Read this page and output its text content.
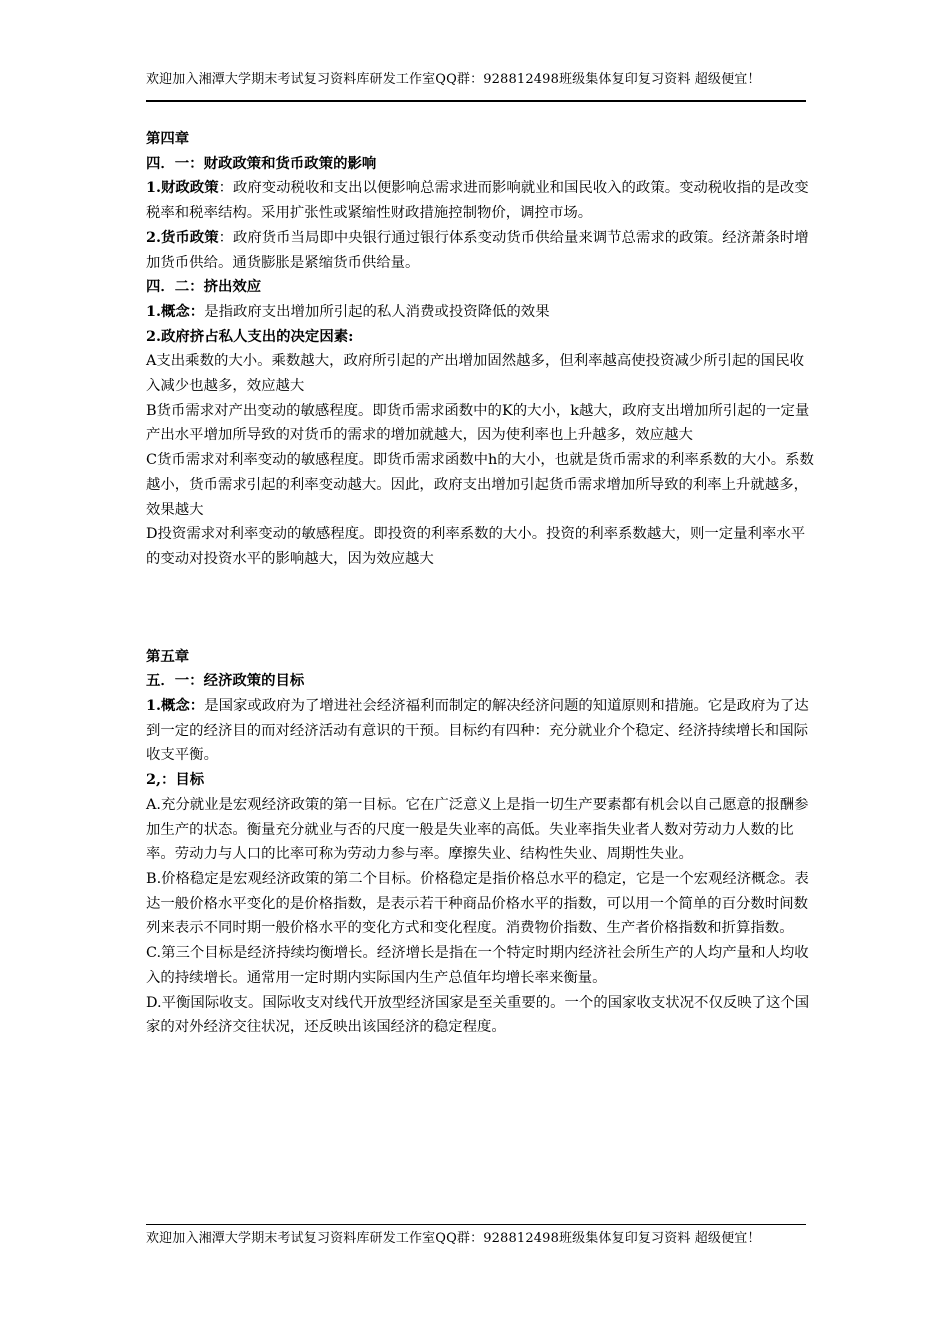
欢迎加入湘潭大学期末考试复习资料库研发工作室QQ群：928812498班级集体复印复习资料 超级便宜！

第四章

四．一：财政政策和货币政策的影响

1.财政政策：政府变动税收和支出以便影响总需求进而影响就业和国民收入的政策。变动税收指的是改变税率和税率结构。采用扩张性或紧缩性财政措施控制物价，调控市场。

2.货币政策：政府货币当局即中央银行通过银行体系变动货币供给量来调节总需求的政策。经济萧条时增加货币供给。通货膨胀是紧缩货币供给量。

四．二：挤出效应

1.概念：是指政府支出增加所引起的私人消费或投资降低的效果

2.政府挤占私人支出的决定因素:

A支出乘数的大小。乘数越大，政府所引起的产出增加固然越多，但利率越高使投资减少所引起的国民收入减少也越多，效应越大

B货币需求对产出变动的敏感程度。即货币需求函数中的K的大小，k越大，政府支出增加所引起的一定量产出水平增加所导致的对货币的需求的增加就越大，因为使利率也上升越多，效应越大

C货币需求对利率变动的敏感程度。即货币需求函数中h的大小，也就是货币需求的利率系数的大小。系数越小，货币需求引起的利率变动越大。因此，政府支出增加引起货币需求增加所导致的利率上升就越多，效果越大

D投资需求对利率变动的敏感程度。即投资的利率系数的大小。投资的利率系数越大，则一定量利率水平的变动对投资水平的影响越大，因为效应越大

第五章

五．一：经济政策的目标

1.概念：是国家或政府为了增进社会经济福利而制定的解决经济问题的知道原则和措施。它是政府为了达到一定的经济目的而对经济活动有意识的干预。目标约有四种：充分就业介个稳定、经济持续增长和国际收支平衡。

2,：目标

A.充分就业是宏观经济政策的第一目标。它在广泛意义上是指一切生产要素都有机会以自己愿意的报酬参加生产的状态。衡量充分就业与否的尺度一般是失业率的高低。失业率指失业者人数对劳动力人数的比率。劳动力与人口的比率可称为劳动力参与率。摩擦失业、结构性失业、周期性失业。

B.价格稳定是宏观经济政策的第二个目标。价格稳定是指价格总水平的稳定，它是一个宏观经济概念。表达一般价格水平变化的是价格指数，是表示若干种商品价格水平的指数，可以用一个简单的百分数时间数列来表示不同时期一般价格水平的变化方式和变化程度。消费物价指数、生产者价格指数和折算指数。

C.第三个目标是经济持续均衡增长。经济增长是指在一个特定时期内经济社会所生产的人均产量和人均收入的持续增长。通常用一定时期内实际国内生产总值年均增长率来衡量。

D.平衡国际收支。国际收支对线代开放型经济国家是至关重要的。一个的国家收支状况不仅反映了这个国家的对外经济交往状况，还反映出该国经济的稳定程度。

欢迎加入湘潭大学期末考试复习资料库研发工作室QQ群：928812498班级集体复印复习资料 超级便宜！
